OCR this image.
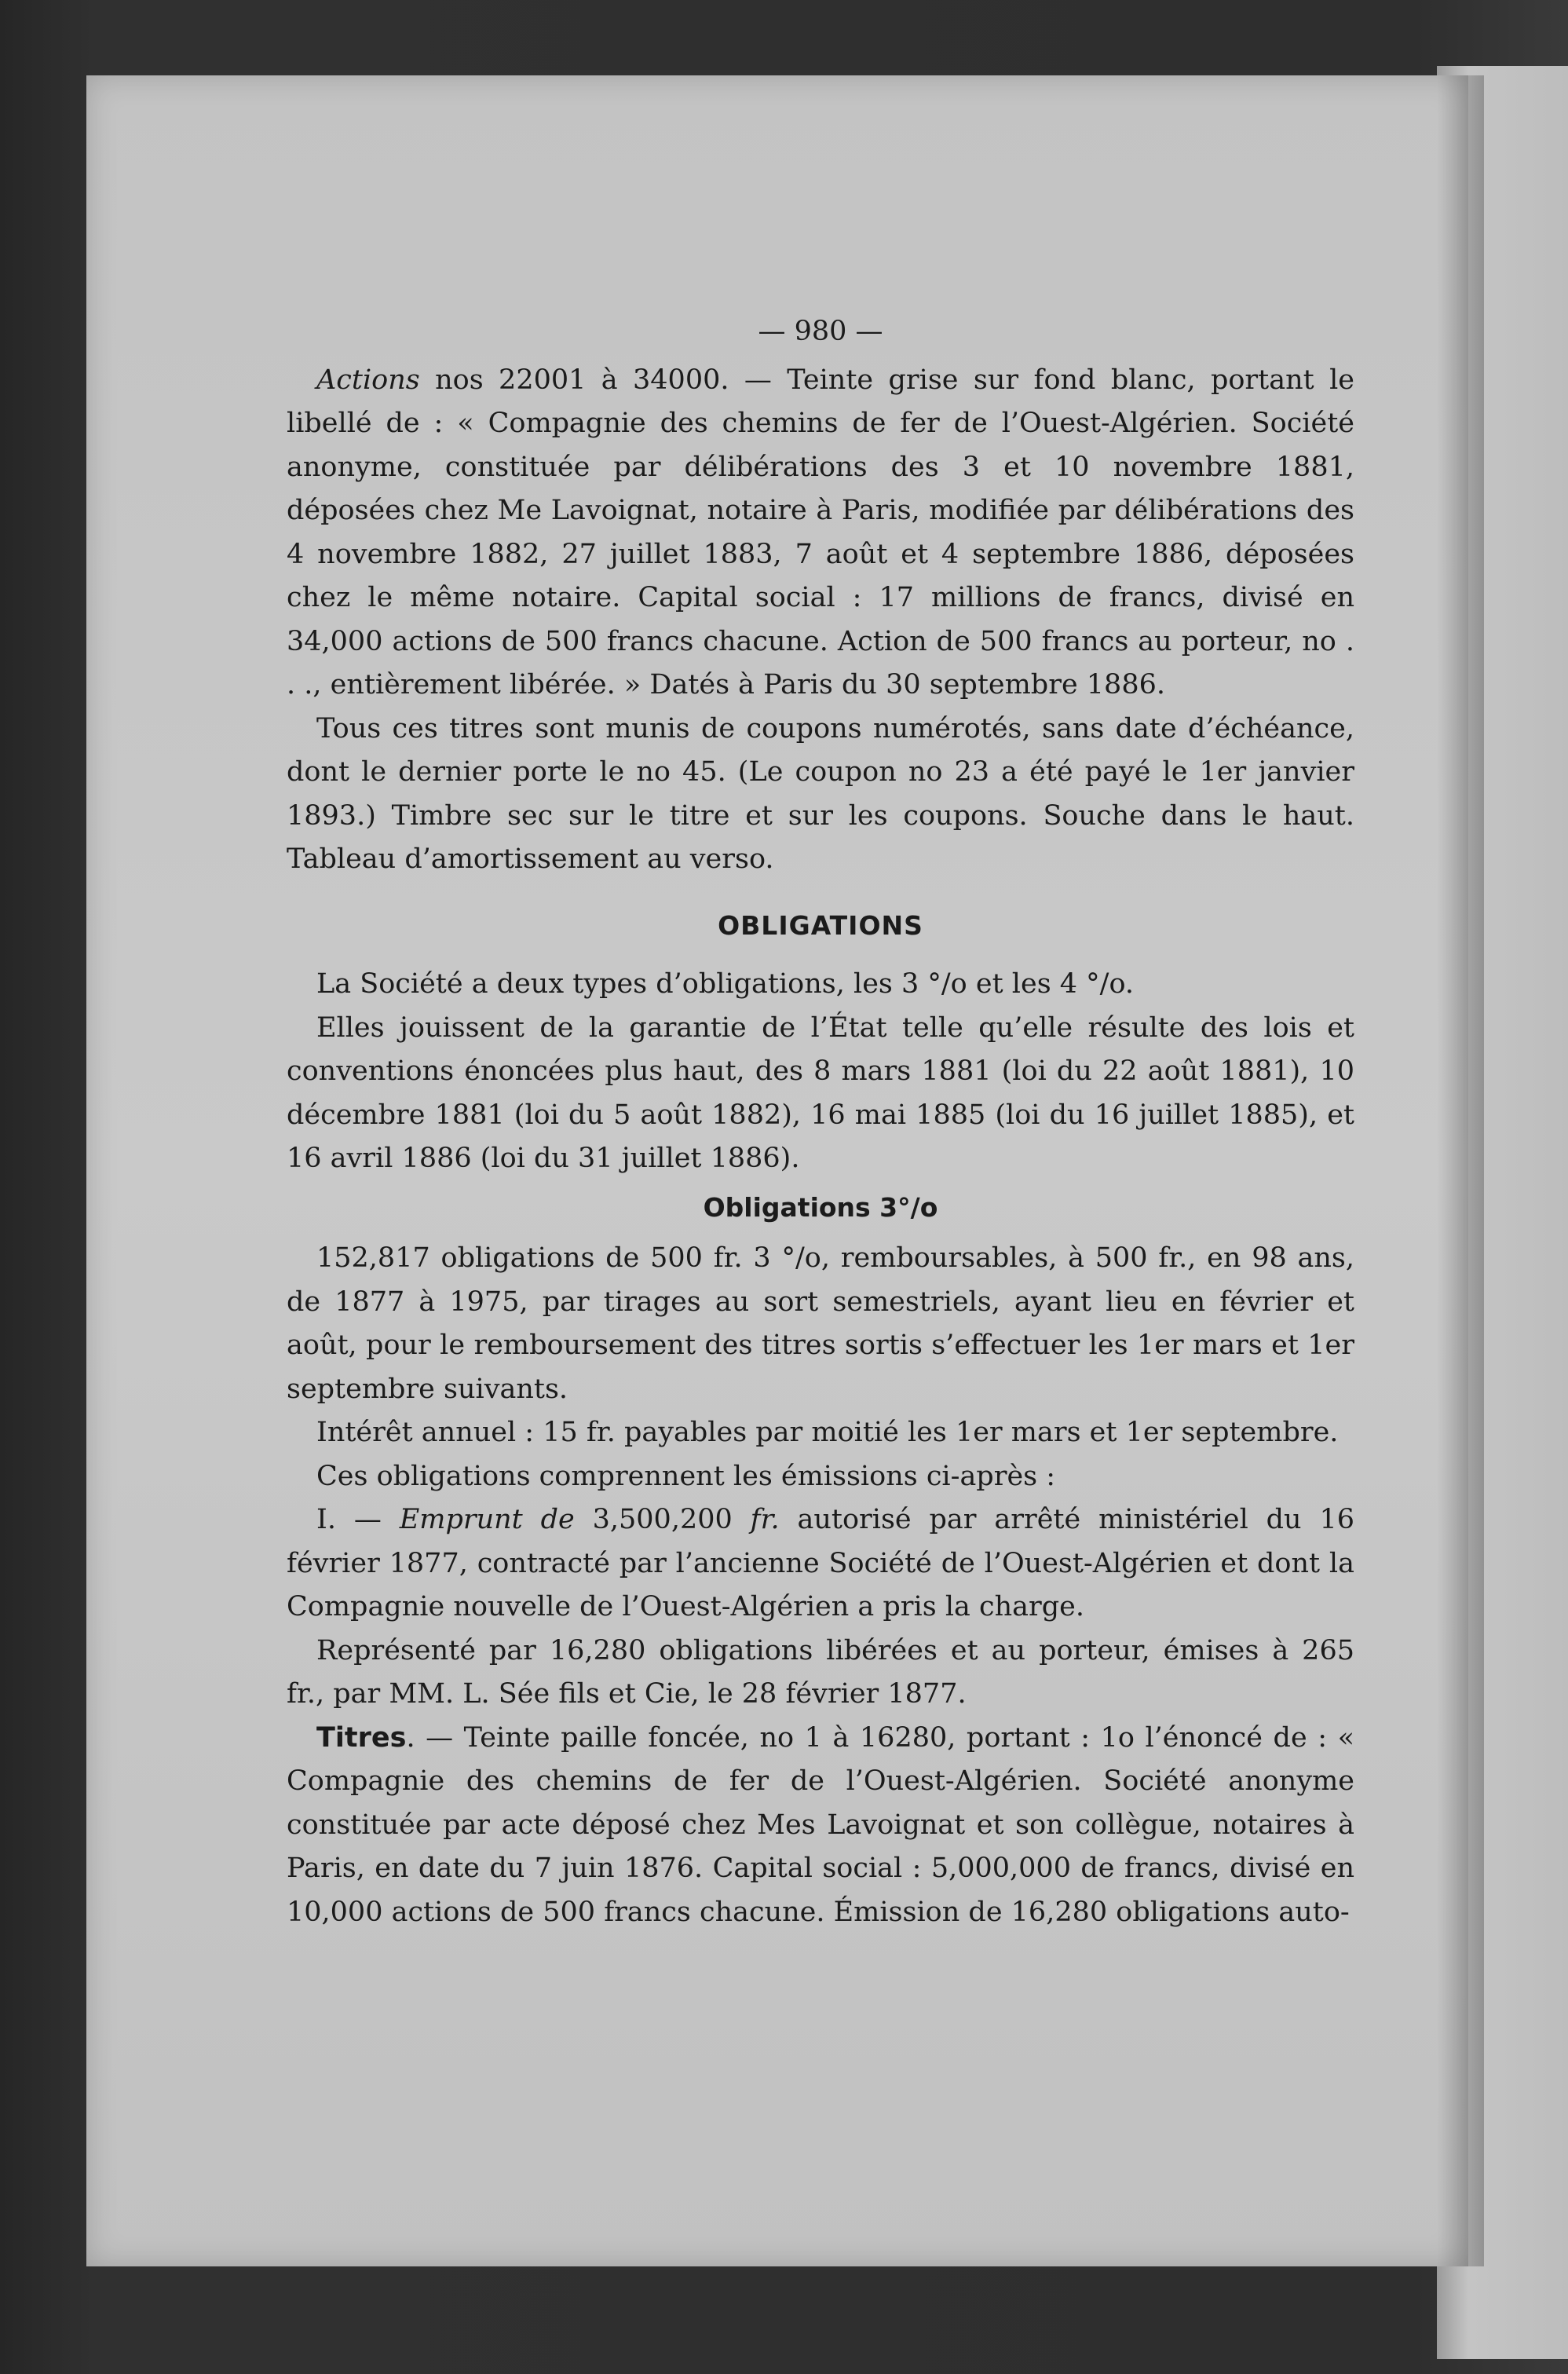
— 980 —

Actions nos 22001 à 34000. — Teinte grise sur fond blanc, portant le libellé de : « Compagnie des chemins de fer de l’Ouest-Algérien. Société anonyme, constituée par délibérations des 3 et 10 novembre 1881, déposées chez Me Lavoignat, notaire à Paris, modifiée par délibérations des 4 novembre 1882, 27 juillet 1883, 7 août et 4 septembre 1886, déposées chez le même notaire. Capital social : 17 millions de francs, divisé en 34,000 actions de 500 francs chacune. Action de 500 francs au porteur, no . . ., entièrement libérée. » Datés à Paris du 30 septembre 1886.

Tous ces titres sont munis de coupons numérotés, sans date d’échéance, dont le dernier porte le no 45. (Le coupon no 23 a été payé le 1er janvier 1893.) Timbre sec sur le titre et sur les coupons. Souche dans le haut. Tableau d’amortissement au verso.

OBLIGATIONS

La Société a deux types d’obligations, les 3 °/o et les 4 °/o.

Elles jouissent de la garantie de l’État telle qu’elle résulte des lois et conventions énoncées plus haut, des 8 mars 1881 (loi du 22 août 1881), 10 décembre 1881 (loi du 5 août 1882), 16 mai 1885 (loi du 16 juillet 1885), et 16 avril 1886 (loi du 31 juillet 1886).

Obligations 3°/o

152,817 obligations de 500 fr. 3 °/o, remboursables, à 500 fr., en 98 ans, de 1877 à 1975, par tirages au sort semestriels, ayant lieu en février et août, pour le remboursement des titres sortis s’effectuer les 1er mars et 1er septembre suivants.

Intérêt annuel : 15 fr. payables par moitié les 1er mars et 1er septembre.

Ces obligations comprennent les émissions ci-après :

I. — Emprunt de 3,500,200 fr. autorisé par arrêté ministériel du 16 février 1877, contracté par l’ancienne Société de l’Ouest-Algérien et dont la Compagnie nouvelle de l’Ouest-Algérien a pris la charge.

Représenté par 16,280 obligations libérées et au porteur, émises à 265 fr., par MM. L. Sée fils et Cie, le 28 février 1877.

Titres. — Teinte paille foncée, no 1 à 16280, portant : 1o l’énoncé de : « Compagnie des chemins de fer de l’Ouest-Algérien. Société anonyme constituée par acte déposé chez Mes Lavoignat et son collègue, notaires à Paris, en date du 7 juin 1876. Capital social : 5,000,000 de francs, divisé en 10,000 actions de 500 francs chacune. Émission de 16,280 obligations auto-
